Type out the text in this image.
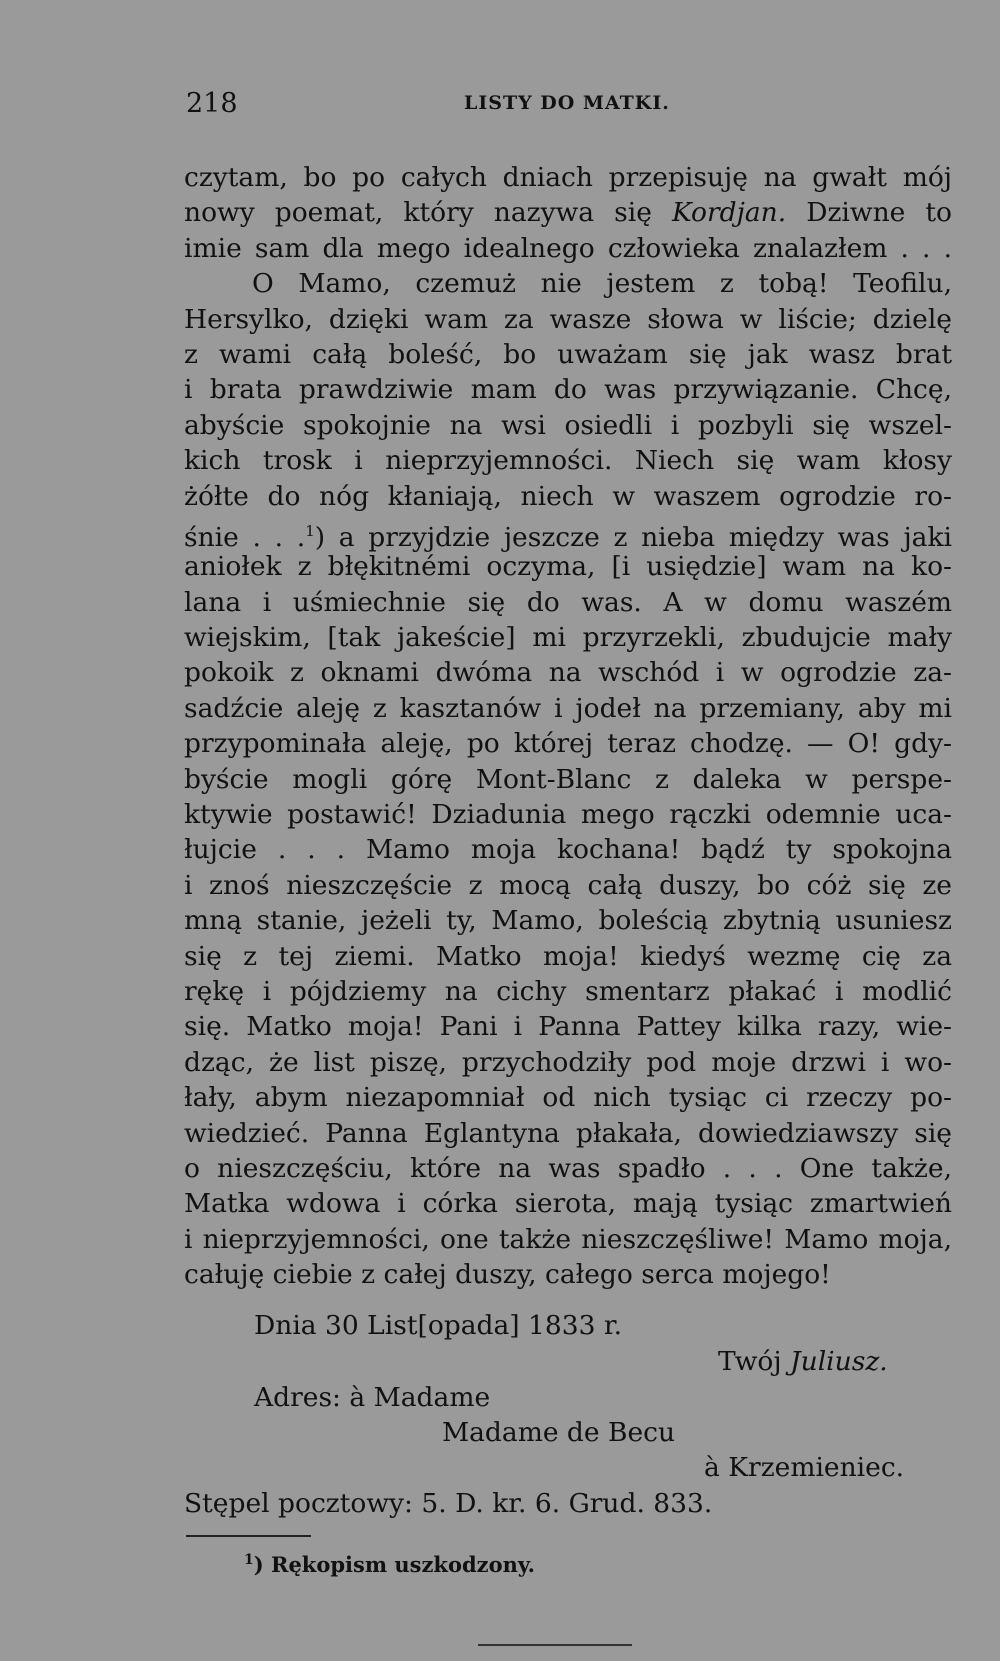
218	LISTY DO MATKI.
czytam, bo po całych dniach przepisuję na gwałt mój
nowy poemat, który nazywa się Kordjan. Dziwne to
imie sam dla mego idealnego człowieka znalazłem . . .
O Mamo, czemuż nie jestem z tobą! Teofilu,
Hersylko, dzięki wam za wasze słowa w liście; dzielę
z wami całą boleść, bo uważam się jak wasz brat
i brata prawdziwie mam do was przywiązanie. Chcę,
abyście spokojnie na wsi osiedli i pozbyli się wszel-
kich trosk i nieprzyjemności. Niech się wam kłosy
żółte do nóg kłaniają, niech w waszem ogrodzie ro-
śnie . . .$^1$) a przyjdzie jeszcze z nieba między was jaki
aniołek z błękitnémi oczyma, [i usiędzie] wam na ko-
lana i uśmiechnie się do was. A w domu waszém
wiejskim, [tak jakeście] mi przyrzekli, zbudujcie mały
pokoik z oknami dwóma na wschód i w ogrodzie za-
sadźcie aleję z kasztanów i jodeł na przemiany, aby mi
przypominała aleję, po której teraz chodzę. — O! gdy-
byście mogli górę Mont-Blanc z daleka w perspe-
ktywie postawić! Dziadunia mego rączki odemnie uca-
łujcie . . . Mamo moja kochana! bądź ty spokojna
i znoś nieszczęście z mocą całą duszy, bo cóż się ze
mną stanie, jeżeli ty, Mamo, boleścią zbytnią usuniesz
się z tej ziemi. Matko moja! kiedyś wezmę cię za
rękę i pójdziemy na cichy smentarz płakać i modlić
się. Matko moja! Pani i Panna Pattey kilka razy, wie-
dząc, że list piszę, przychodziły pod moje drzwi i wo-
łały, abym niezapomniał od nich tysiąc ci rzeczy po-
wiedzieć. Panna Eglantyna płakała, dowiedziawszy się
o nieszczęściu, które na was spadło . . . One także,
Matka wdowa i córka sierota, mają tysiąc zmartwień
i nieprzyjemności, one także nieszczęśliwe! Mamo moja,
całuję ciebie z całej duszy, całego serca mojego!
Dnia 30 List[opada] 1833 r.
Twój Juliusz.
Adres: à Madame
Madame de Becu
à Krzemieniec.
Stępel pocztowy: 5. D. kr. 6. Grud. 833.
$^1$) Rękopism uszkodzony.
